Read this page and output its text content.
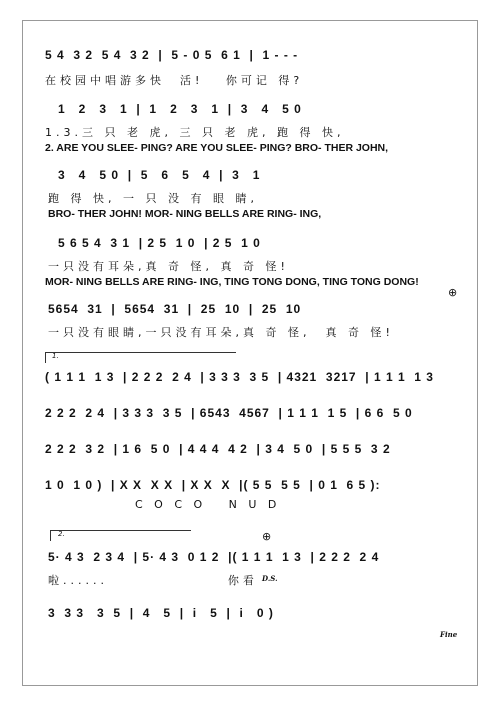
5 4  3 2  5 4  3 2  |  5 - 0 5  6 1  |  1 - - -
在校园中唱游多快  活!   你可记 得?
1   2   3   1  |  1   2   3   1  |  3   4   5 0
1.3.三 只 老 虎, 三 只 老 虎, 跑 得 快,
2. ARE YOU SLEE- PING? ARE YOU SLEE- PING? BRO- THER JOHN,
3   4   5 0  |  5   6   5   4  |  3   1
跑 得 快, 一 只 没 有 眼 睛,
BRO- THER JOHN! MOR- NING BELLS ARE RING- ING,
5 6 5 4  3 1  | 2 5  1 0  | 2 5  1 0
一只没有耳朵,真 奇 怪, 真 奇 怪!
MOR- NING BELLS ARE RING- ING, TING TONG DONG, TING TONG DONG!
5654  31  |  5654  31  |  25  10  |  25  10
一只没有眼睛,一只没有耳朵,真 奇 怪,  真 奇 怪!
⊕
1.
( 1 1 1  1 3  | 2 2 2  2 4  | 3 3 3  3 5  | 4321  3217  | 1 1 1  1 3
2 2 2  2 4  | 3 3 3  3 5  | 6543  4567  | 1 1 1  1 5  | 6 6  5 0
2 2 2  3 2  | 1 6  5 0  | 4 4 4  4 2  | 3 4  5 0  | 5 5 5  3 2
1 0  1 0 )  | X X  X X  | X X  X  |( 5 5  5 5  | 0 1  6 5 ):
C O C O   N U D
2.	⊕
5· 4 3  2 3 4  | 5· 4 3  0 1 2  |( 1 1 1  1 3  | 2 2 2  2 4
啦......                你看 D.S.
3  3 3   3  5  |  4   5  |  i   5  |  i   0 )
Fine
